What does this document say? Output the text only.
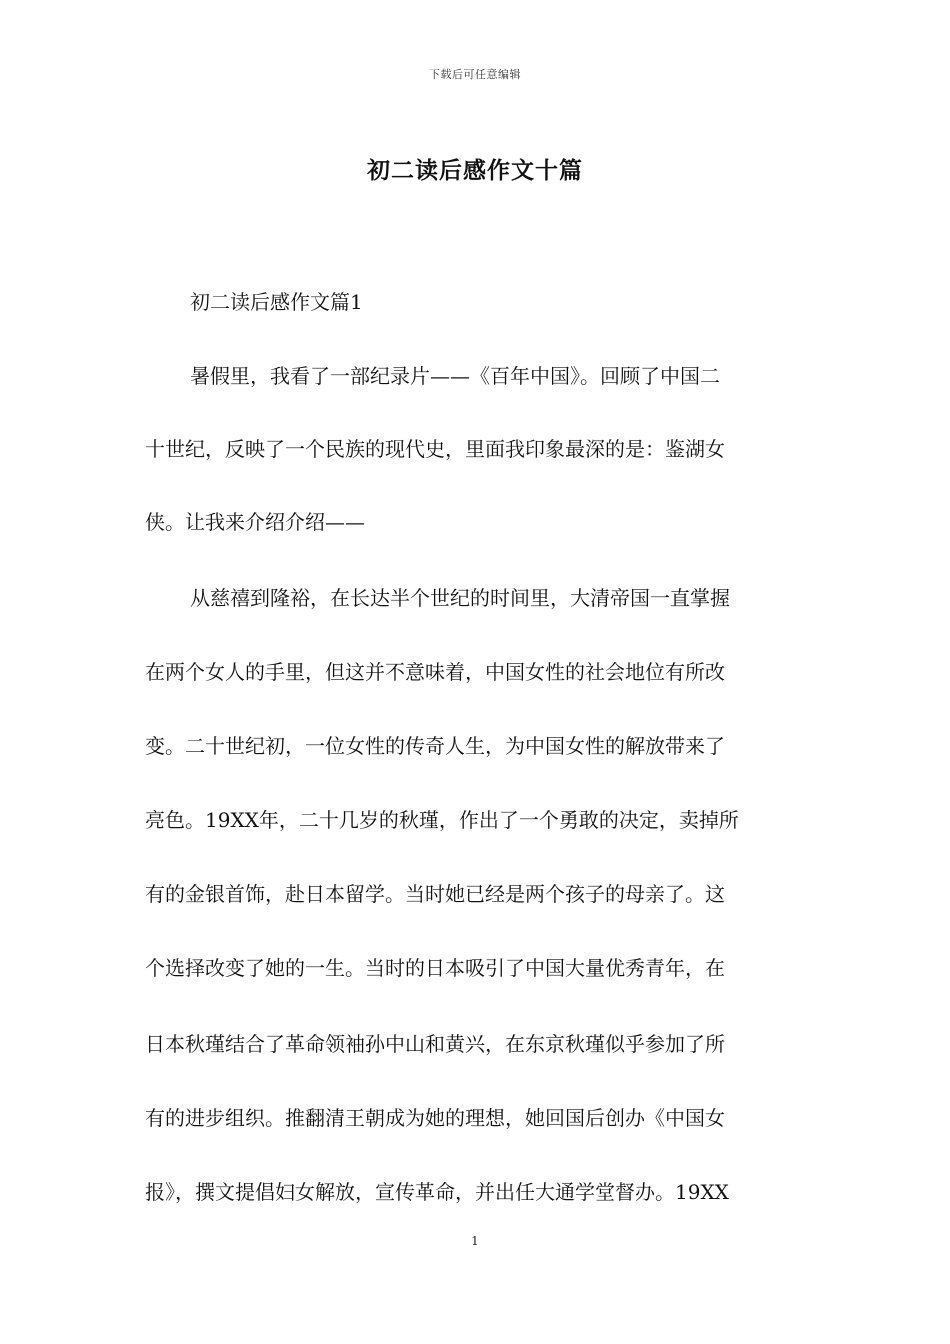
下载后可任意编辑
初二读后感作文十篇
初二读后感作文篇1
暑假里，我看了一部纪录片——《百年中国》。回顾了中国二
十世纪，反映了一个民族的现代史，里面我印象最深的是：鉴湖女
侠。让我来介绍介绍——
从慈禧到隆裕，在长达半个世纪的时间里，大清帝国一直掌握
在两个女人的手里，但这并不意味着，中国女性的社会地位有所改
变。二十世纪初，一位女性的传奇人生，为中国女性的解放带来了
亮色。19XX年，二十几岁的秋瑾，作出了一个勇敢的决定，卖掉所
有的金银首饰，赴日本留学。当时她已经是两个孩子的母亲了。这
个选择改变了她的一生。当时的日本吸引了中国大量优秀青年，在
日本秋瑾结合了革命领袖孙中山和黄兴，在东京秋瑾似乎参加了所
有的进步组织。推翻清王朝成为她的理想，她回国后创办《中国女
报》，撰文提倡妇女解放，宣传革命，并出任大通学堂督办。19XX
1
